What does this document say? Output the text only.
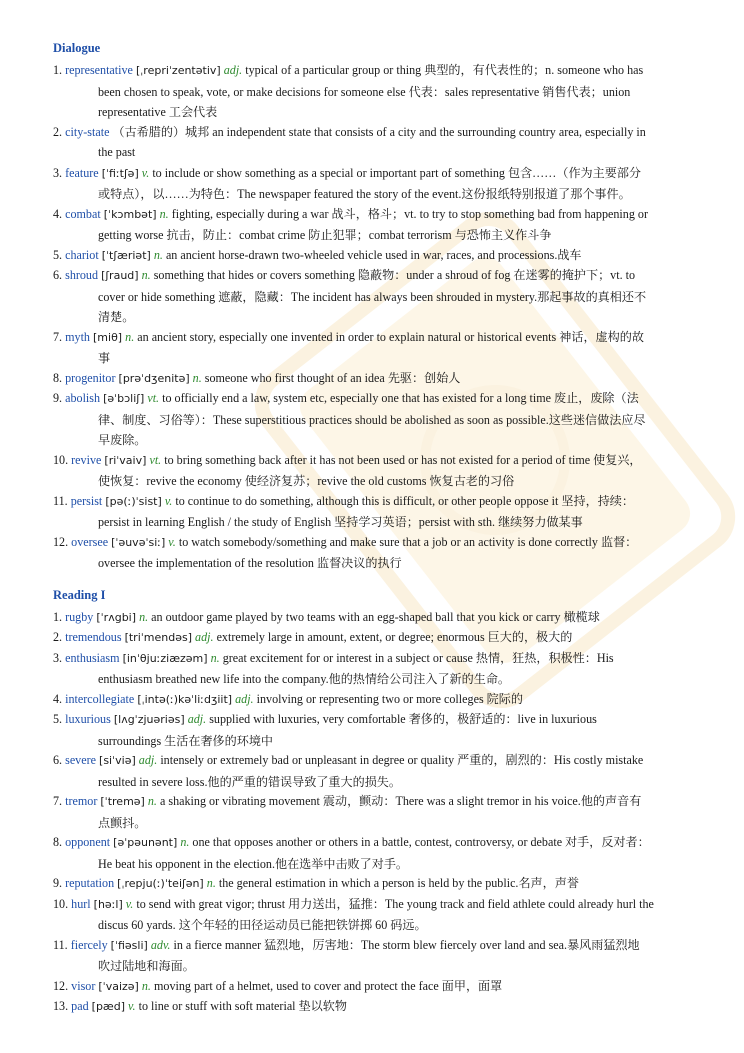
Dialogue
1. representative [ˌrepriˈzentətiv] adj. typical of a particular group or thing 典型的，有代表性的；n. someone who has
been chosen to speak, vote, or make decisions for someone else 代表：sales representative 销售代表；union
representative 工会代表
2. city-state （古希腊的）城邦 an independent state that consists of a city and the surrounding country area, especially in
the past
3. feature [ˈfiːtʃə] v. to include or show something as a special or important part of something 包含……（作为主要部分
或特点），以……为特色：The newspaper featured the story of the event.这份报纸特别报道了那个事件。
4. combat [ˈkɔmbət] n. fighting, especially during a war 战斗，格斗；vt. to try to stop something bad from happening or
getting worse 抗击，防止：combat crime 防止犯罪；combat terrorism 与恐怖主义作斗争
5. chariot [ˈtʃæriət] n. an ancient horse-drawn two-wheeled vehicle used in war, races, and processions.战车
6. shroud [ʃraud] n. something that hides or covers something 隐蔽物：under a shroud of fog 在迷雾的掩护下；vt. to
cover or hide something 遮蔽，隐藏：The incident has always been shrouded in mystery.那起事故的真相还不
清楚。
7. myth [miθ] n. an ancient story, especially one invented in order to explain natural or historical events 神话，虚构的故
事
8. progenitor [prəˈdʒenitə] n. someone who first thought of an idea 先驱：创始人
9. abolish [əˈbɔliʃ] vt. to officially end a law, system etc, especially one that has existed for a long time 废止，废除（法
律、制度、习俗等）：These superstitious practices should be abolished as soon as possible.这些迷信做法应尽
早废除。
10. revive [riˈvaiv] vt. to bring something back after it has not been used or has not existed for a period of time 使复兴，
使恢复：revive the economy 使经济复苏；revive the old customs 恢复古老的习俗
11. persist [pə(ː)ˈsist] v. to continue to do something, although this is difficult, or other people oppose it 坚持，持续：
persist in learning English / the study of English 坚持学习英语；persist with sth. 继续努力做某事
12. oversee [ˈəuvəˈsiː] v. to watch somebody/something and make sure that a job or an activity is done correctly 监督：
oversee the implementation of the resolution 监督决议的执行
Reading I
1. rugby [ˈrʌgbi] n. an outdoor game played by two teams with an egg-shaped ball that you kick or carry 橄榄球
2. tremendous [triˈmendəs] adj. extremely large in amount, extent, or degree; enormous 巨大的，极大的
3. enthusiasm [inˈθjuːziæzəm] n. great excitement for or interest in a subject or cause 热情，狂热，积极性：His
enthusiasm breathed new life into the company.他的热情给公司注入了新的生命。
4. intercollegiate [ˌintə(ː)kəˈliːdʒiit] adj. involving or representing two or more colleges 院际的
5. luxurious [lʌgˈzjuəriəs] adj. supplied with luxuries, very comfortable 奢侈的，极舒适的：live in luxurious
surroundings 生活在奢侈的环境中
6. severe [siˈviə] adj. intensely or extremely bad or unpleasant in degree or quality 严重的，剧烈的：His costly mistake
resulted in severe loss.他的严重的错误导致了重大的损失。
7. tremor [ˈtremə] n. a shaking or vibrating movement 震动，颤动：There was a slight tremor in his voice.他的声音有
点颤抖。
8. opponent [əˈpəunənt] n. one that opposes another or others in a battle, contest, controversy, or debate 对手，反对者：
He beat his opponent in the election.他在选举中击败了对手。
9. reputation [ˌrepju(ː)ˈteiʃən] n. the general estimation in which a person is held by the public.名声，声誉
10. hurl [həːl] v. to send with great vigor; thrust 用力送出，猛推：The young track and field athlete could already hurl the
discus 60 yards. 这个年轻的田径运动员已能把铁饼掷 60 码远。
11. fiercely [ˈfiəsli] adv. in a fierce manner 猛烈地，厉害地：The storm blew fiercely over land and sea.暴风雨猛烈地
吹过陆地和海面。
12. visor [ˈvaizə] n. moving part of a helmet, used to cover and protect the face 面甲，面罩
13. pad [pæd] v. to line or stuff with soft material 垫以软物
